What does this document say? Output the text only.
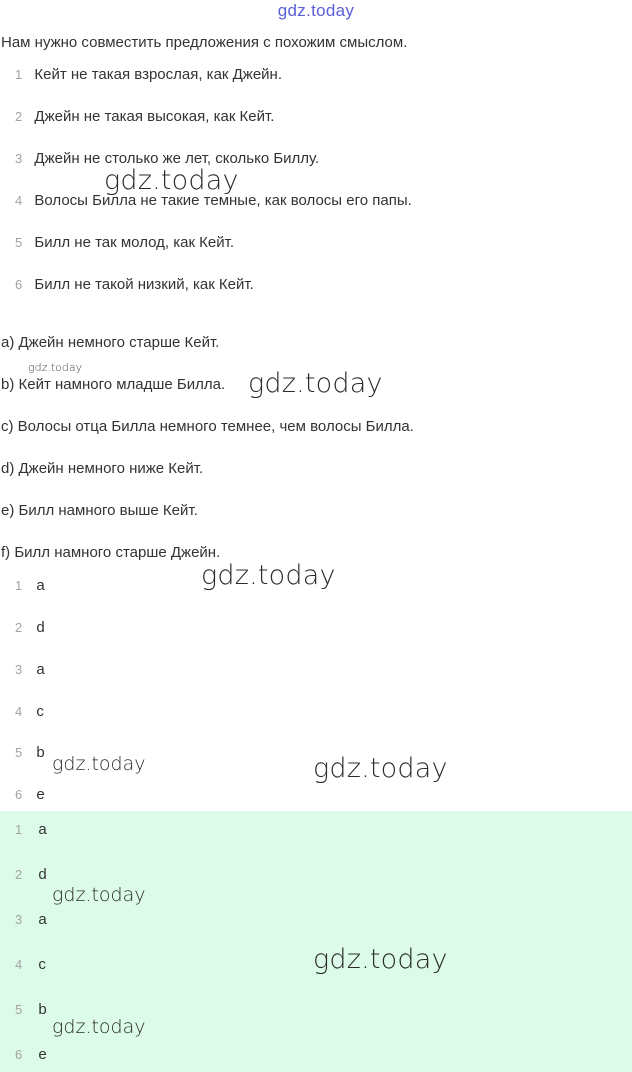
gdz.today
Нам нужно совместить предложения с похожим смыслом.
1 Кейт не такая взрослая, как Джейн.
2 Джейн не такая высокая, как Кейт.
3 Джейн не столько же лет, сколько Биллу.
4 Волосы Билла не такие темные, как волосы его папы.
5 Билл не так молод, как Кейт.
6 Билл не такой низкий, как Кейт.
a) Джейн немного старше Кейт.
b) Кейт намного младше Билла.
c) Волосы отца Билла немного темнее, чем волосы Билла.
d) Джейн немного ниже Кейт.
e) Билл намного выше Кейт.
f) Билл намного старше Джейн.
1 a
2 d
3 a
4 c
5 b
6 e
1 a
2 d
3 a
4 c
5 b
6 e
gdz.today
gdz.today
gdz.today
gdz.today
gdz.today	gdz.today
gdz.today
gdz.today
gdz.today
